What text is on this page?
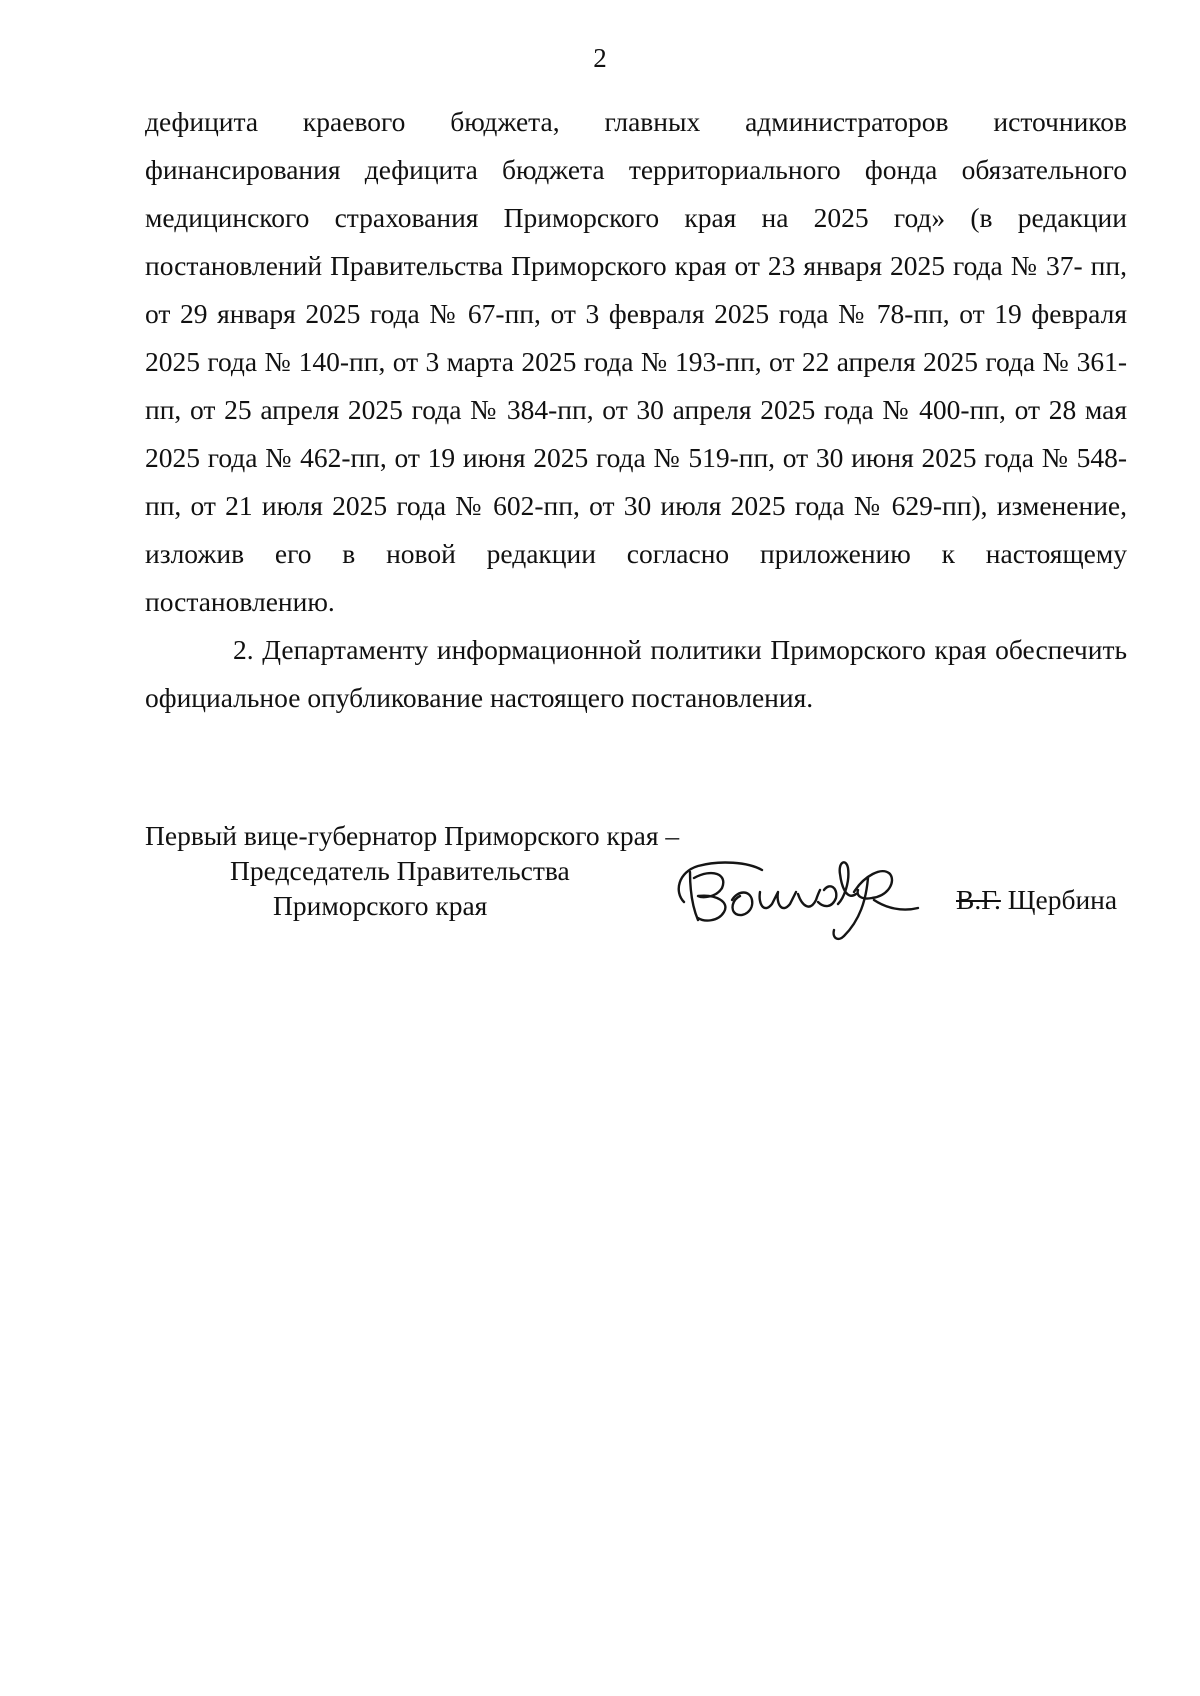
2

дефицита краевого бюджета, главных администраторов источников финансирования дефицита бюджета территориального фонда обязательного медицинского страхования Приморского края на 2025 год» (в редакции постановлений Правительства Приморского края от 23 января 2025 года № 37- пп, от 29 января 2025 года № 67-пп, от 3 февраля 2025 года № 78-пп, от 19 февраля 2025 года № 140-пп, от 3 марта 2025 года № 193-пп, от 22 апреля 2025 года № 361-пп, от 25 апреля 2025 года № 384-пп, от 30 апреля 2025 года № 400-пп, от 28 мая 2025 года № 462-пп, от 19 июня 2025 года № 519-пп, от 30 июня 2025 года № 548-пп, от 21 июля 2025 года № 602-пп, от 30 июля 2025 года № 629-пп), изменение, изложив его в новой редакции согласно приложению к настоящему постановлению.

2. Департаменту информационной политики Приморского края обеспечить официальное опубликование настоящего постановления.

Первый вице-губернатор Приморского края –
Председатель Правительства
Приморского края	В.Г. Щербина
